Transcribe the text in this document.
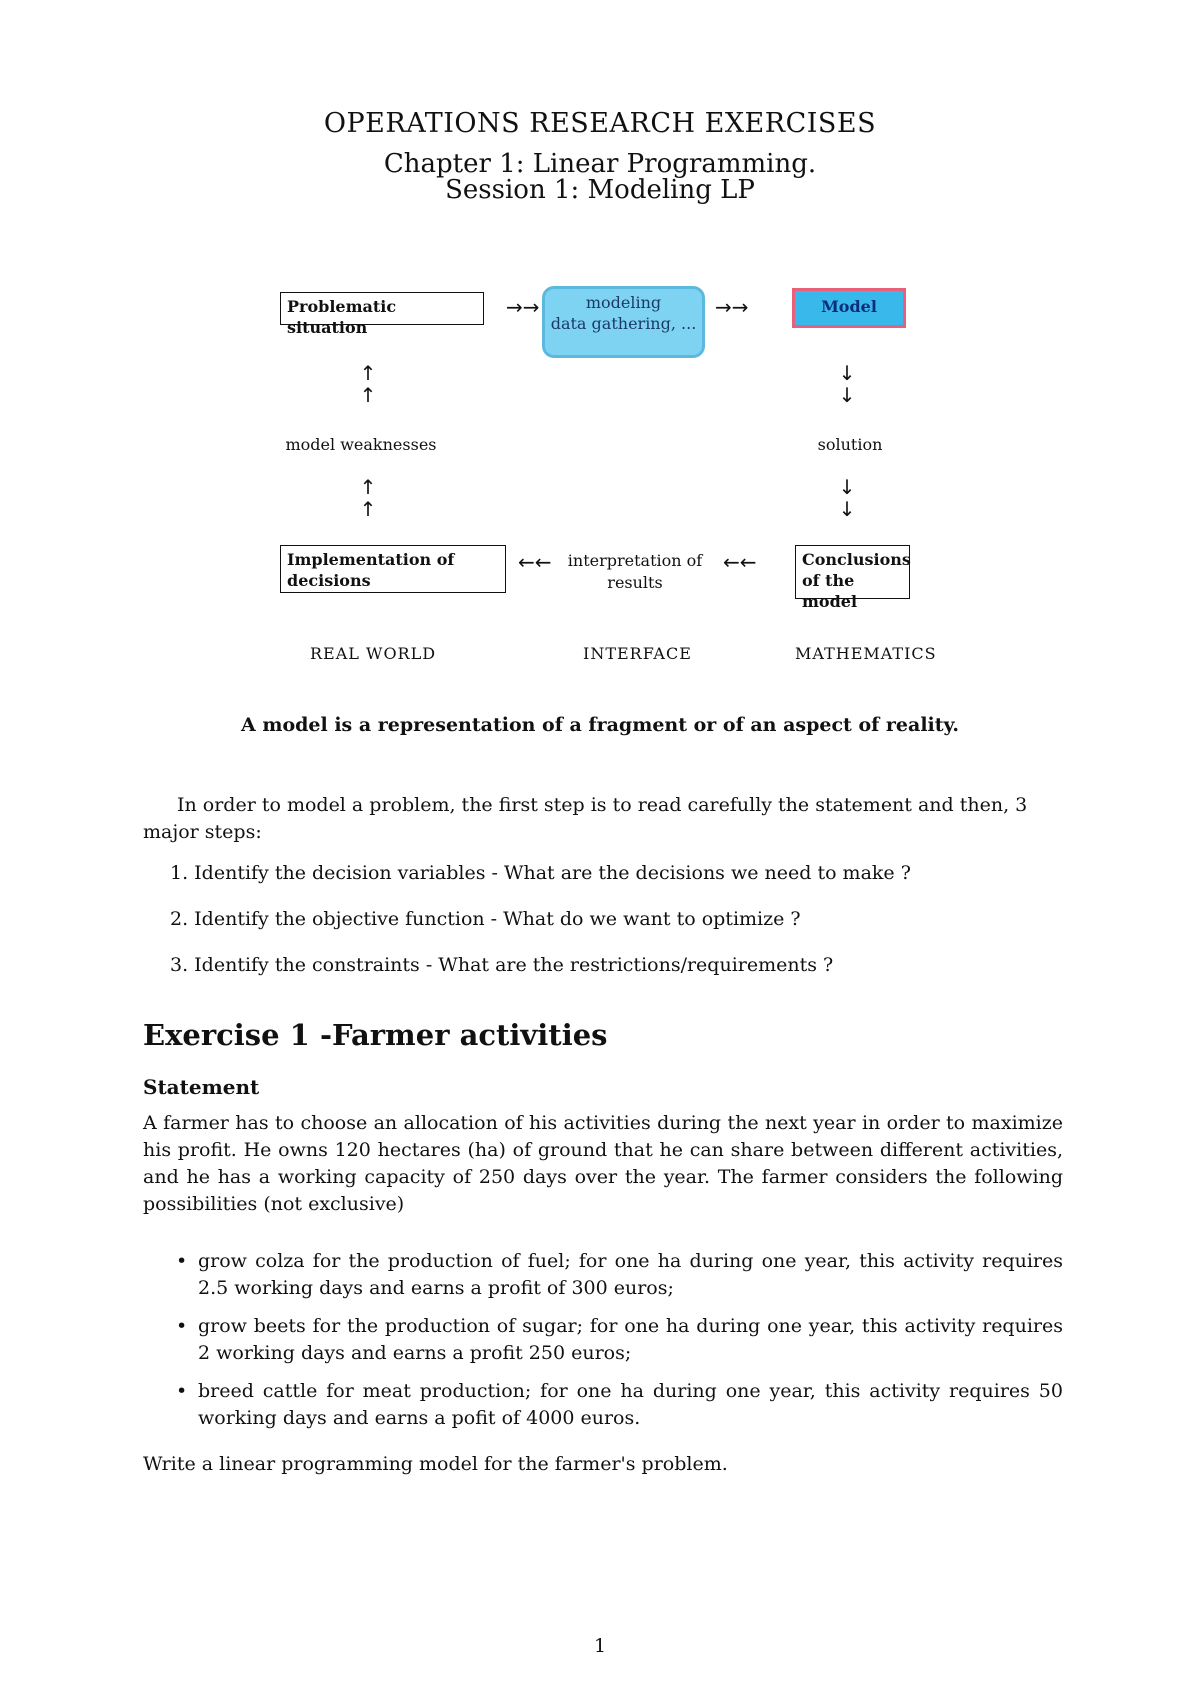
OPERATIONS RESEARCH EXERCISES
Chapter 1: Linear Programming.
Session 1: Modeling LP
Problematic situation
→→	modeling
data gathering, ...
→→	Model
↑
↑
model weaknesses
↑
↑
↓
↓
solution
↓
↓
Implementation of
decisions
←←	interpretation of
results
←←	Conclusions
of the model
REAL WORLD	INTERFACE	MATHEMATICS
A model is a representation of a fragment or of an aspect of reality.
In order to model a problem, the first step is to read carefully the statement and then, 3 major steps:
1. Identify the decision variables - What are the decisions we need to make ?
2. Identify the objective function - What do we want to optimize ?
3. Identify the constraints - What are the restrictions/requirements ?
Exercise 1 -Farmer activities
Statement
A farmer has to choose an allocation of his activities during the next year in order to maximize his profit. He owns 120 hectares (ha) of ground that he can share between different activities, and he has a working capacity of 250 days over the year. The farmer considers the following possibilities (not exclusive)
• grow colza for the production of fuel; for one ha during one year, this activity requires 2.5 working days and earns a profit of 300 euros;
• grow beets for the production of sugar; for one ha during one year, this activity requires 2 working days and earns a profit 250 euros;
• breed cattle for meat production; for one ha during one year, this activity requires 50 working days and earns a pofit of 4000 euros.
Write a linear programming model for the farmer's problem.
1
